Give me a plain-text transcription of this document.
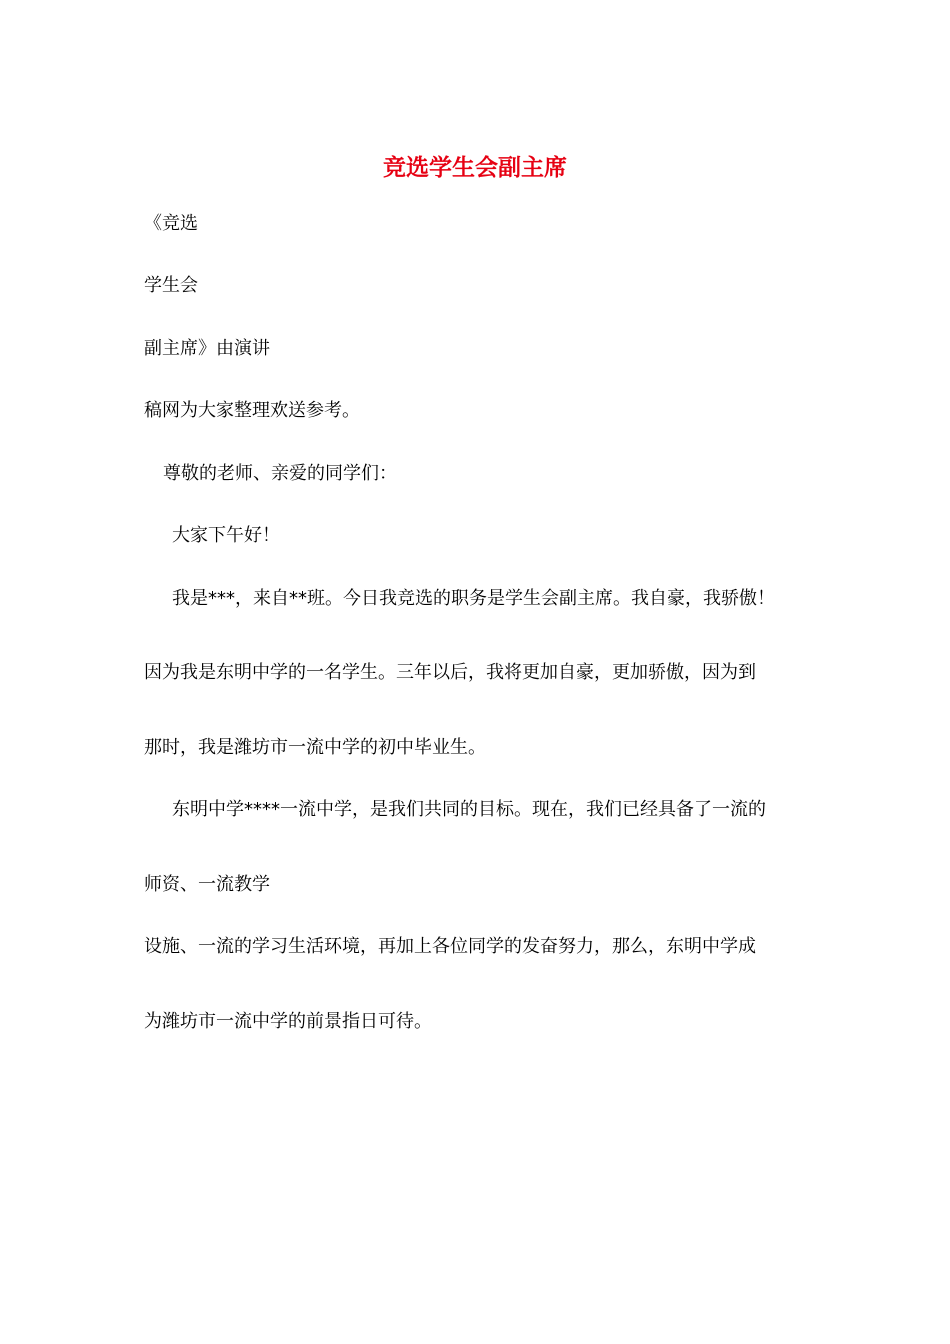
竞选学生会副主席
《竞选
学生会
副主席》由演讲
稿网为大家整理欢送参考。
尊敬的老师、亲爱的同学们：
大家下午好！
我是***，来自**班。今日我竞选的职务是学生会副主席。我自豪，我骄傲！
因为我是东明中学的一名学生。三年以后，我将更加自豪，更加骄傲，因为到
那时，我是潍坊市一流中学的初中毕业生。
东明中学****一流中学，是我们共同的目标。现在，我们已经具备了一流的
师资、一流教学
设施、一流的学习生活环境，再加上各位同学的发奋努力，那么，东明中学成
为潍坊市一流中学的前景指日可待。
